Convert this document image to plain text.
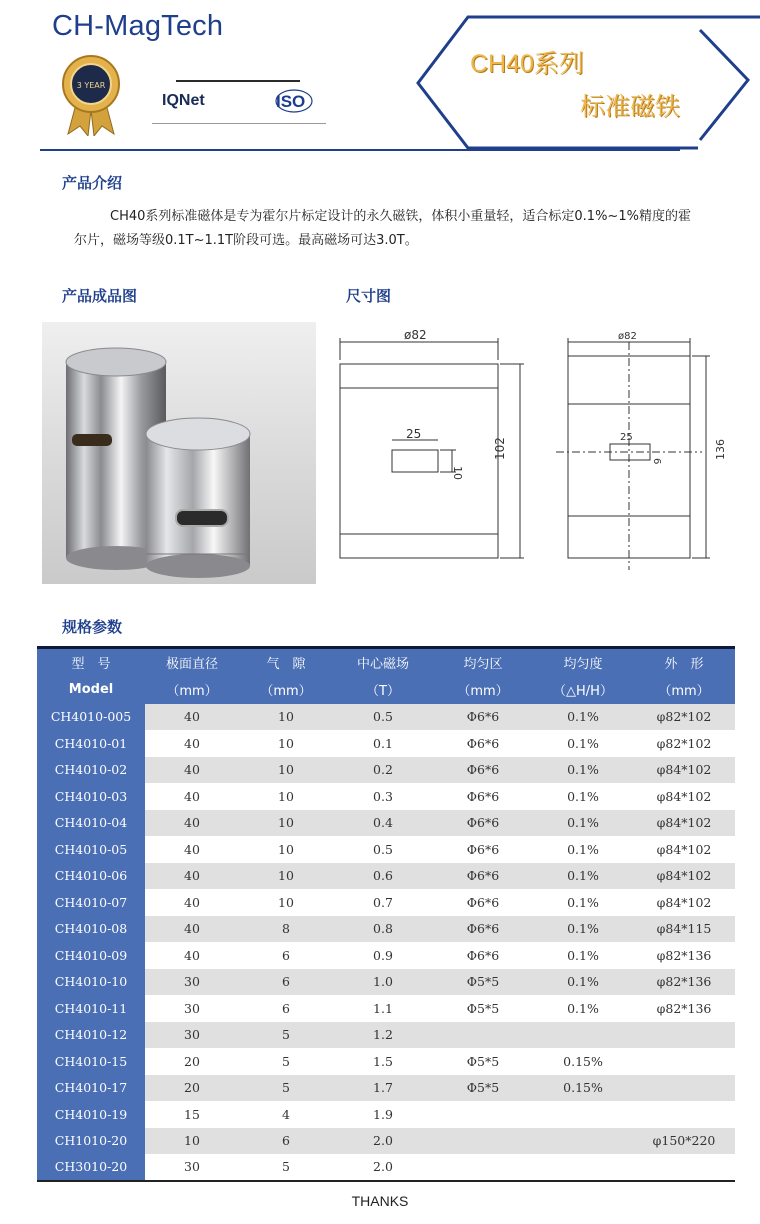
CH-MagTech
3 YEAR
IQNet	ISO
CH40系列
标准磁铁
产品介绍

CH40系列标准磁体是专为霍尔片标定设计的永久磁铁，体积小重量轻，适合标定0.1%~1%精度的霍尔片，磁场等级0.1T~1.1T阶段可选。最高磁场可达3.0T。

产品成品图	尺寸图
ø82
25
10
102
ø82
25
6
136
规格参数
型　号	极面直径	气　隙	中心磁场	均匀区	均匀度	外　形
Model	（mm）	（mm）	（T）	（mm）	（△H/H）	（mm）
CH4010-005	40	10	0.5	Φ6*6	0.1%	φ82*102
CH4010-01	40	10	0.1	Φ6*6	0.1%	φ82*102
CH4010-02	40	10	0.2	Φ6*6	0.1%	φ84*102
CH4010-03	40	10	0.3	Φ6*6	0.1%	φ84*102
CH4010-04	40	10	0.4	Φ6*6	0.1%	φ84*102
CH4010-05	40	10	0.5	Φ6*6	0.1%	φ84*102
CH4010-06	40	10	0.6	Φ6*6	0.1%	φ84*102
CH4010-07	40	10	0.7	Φ6*6	0.1%	φ84*102
CH4010-08	40	8	0.8	Φ6*6	0.1%	φ84*115
CH4010-09	40	6	0.9	Φ6*6	0.1%	φ82*136
CH4010-10	30	6	1.0	Φ5*5	0.1%	φ82*136
CH4010-11	30	6	1.1	Φ5*5	0.1%	φ82*136
CH4010-12	30	5	1.2			
CH4010-15	20	5	1.5	Φ5*5	0.15%	
CH4010-17	20	5	1.7	Φ5*5	0.15%	
CH4010-19	15	4	1.9			
CH1010-20	10	6	2.0			φ150*220
CH3010-20	30	5	2.0			
THANKS
